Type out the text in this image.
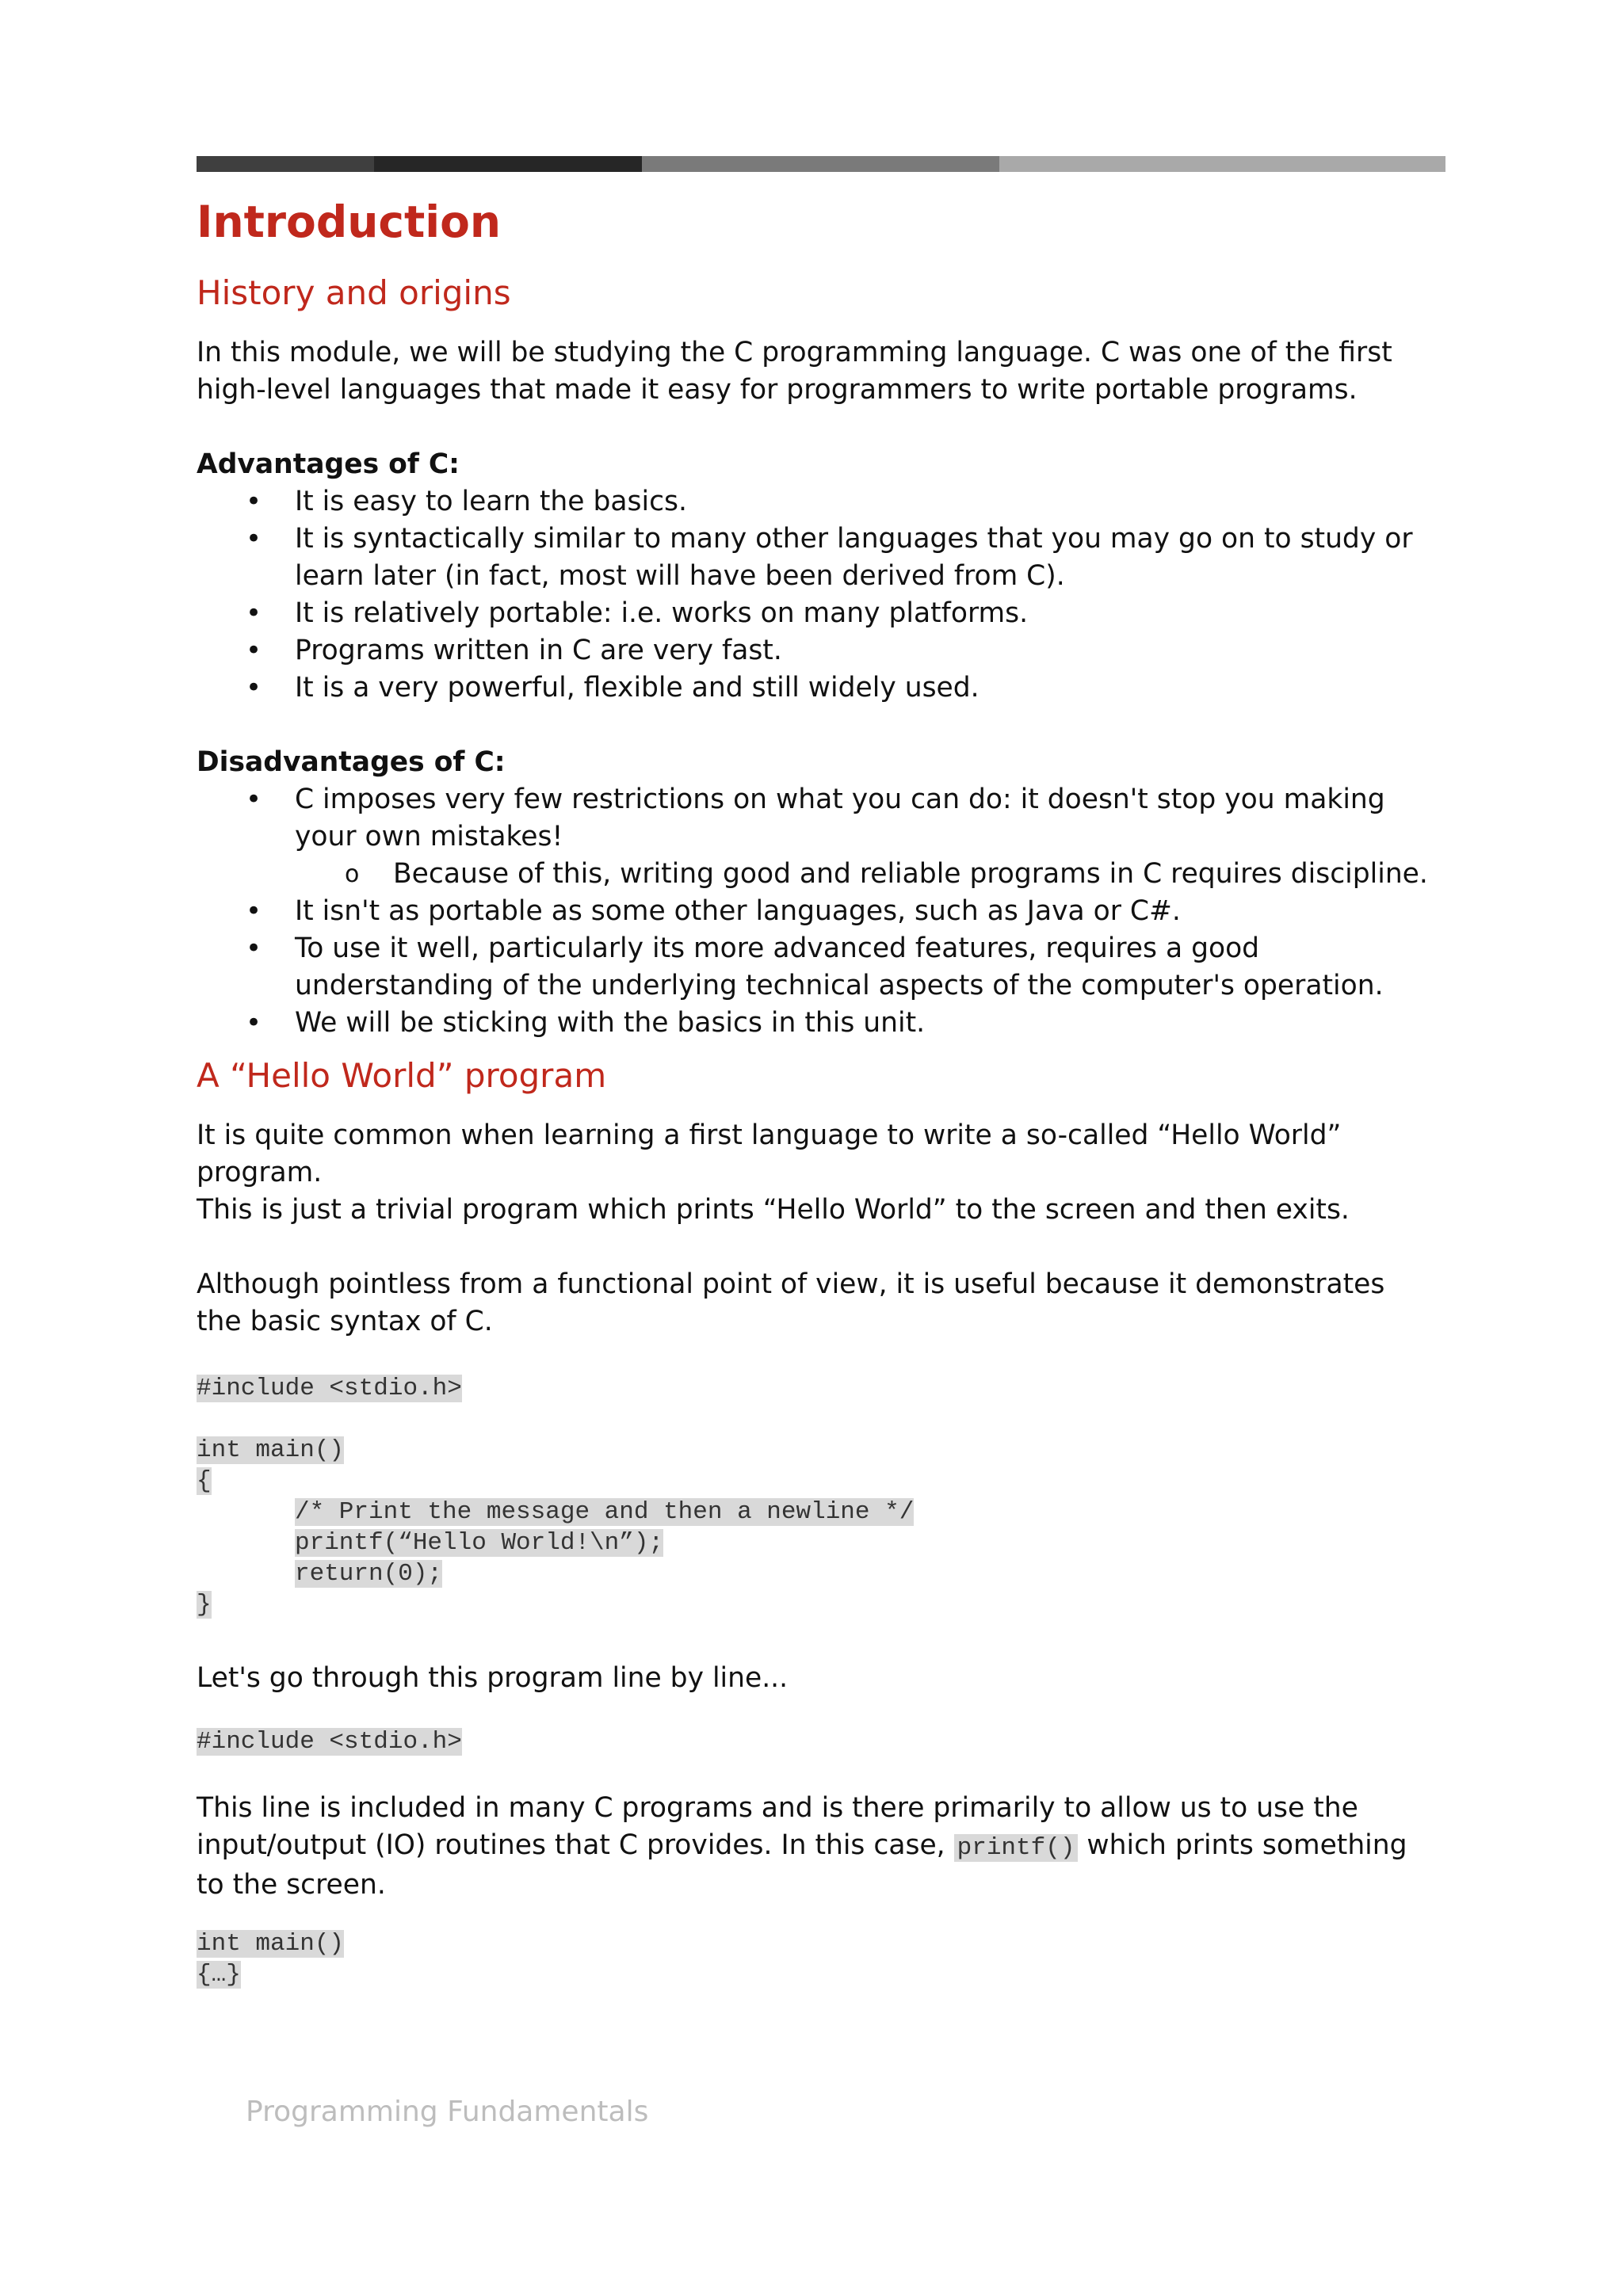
Introduction
History and origins

In this module, we will be studying the C programming language. C was one of the first high-level languages that made it easy for programmers to write portable programs.

Advantages of C:

• It is easy to learn the basics.
• It is syntactically similar to many other languages that you may go on to study or learn later (in fact, most will have been derived from C).
• It is relatively portable: i.e. works on many platforms.
• Programs written in C are very fast.
• It is a very powerful, flexible and still widely used.

Disadvantages of C:

• C imposes very few restrictions on what you can do: it doesn't stop you making your own mistakes!
o Because of this, writing good and reliable programs in C requires discipline.
• It isn't as portable as some other languages, such as Java or C#.
• To use it well, particularly its more advanced features, requires a good understanding of the underlying technical aspects of the computer's operation.
• We will be sticking with the basics in this unit.
A “Hello World” program

It is quite common when learning a first language to write a so-called “Hello World” program.

This is just a trivial program which prints “Hello World” to the screen and then exits.

Although pointless from a functional point of view, it is useful because it demonstrates the basic syntax of C.

#include <stdio.h>
int main()
{
/* Print the message and then a newline */
printf(“Hello World!\n”);
return(0);
}

Let's go through this program line by line...

#include <stdio.h>

This line is included in many C programs and is there primarily to allow us to use the input/output (IO) routines that C provides. In this case, printf() which prints something to the screen.

int main()
{…}
Programming Fundamentals
